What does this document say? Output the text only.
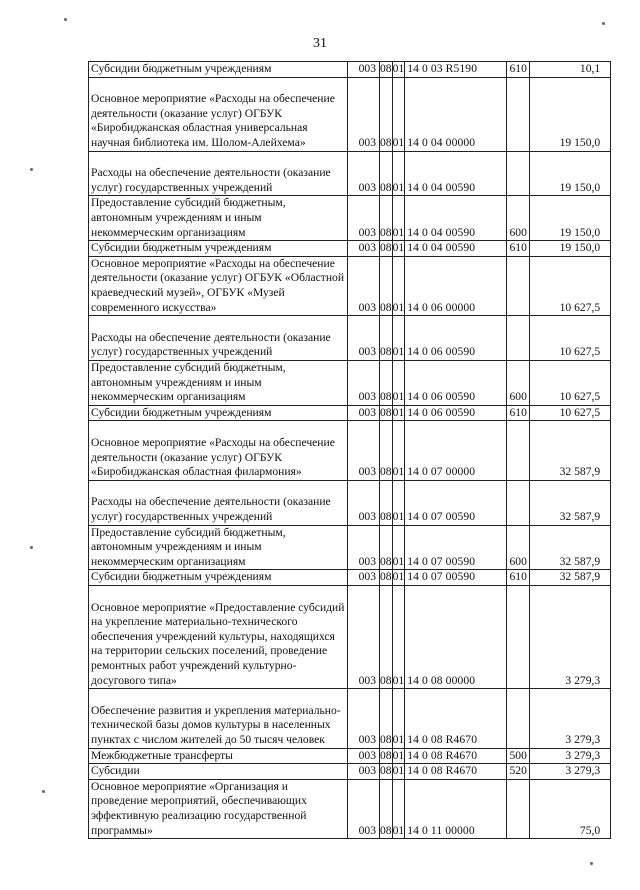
31
Субсидии бюджетным учреждениям	003	08	01	14 0 03 R5190	610	10,1
Основное мероприятие «Расходы на обеспечение деятельности (оказание услуг) ОГБУК «Биробиджанская областная универсальная научная библиотека им. Шолом-Алейхема»	003	08	01	14 0 04 00000		19 150,0
Расходы на обеспечение деятельности (оказание услуг) государственных учреждений	003	08	01	14 0 04 00590		19 150,0
Предоставление субсидий бюджетным, автономным учреждениям и иным некоммерческим организациям	003	08	01	14 0 04 00590	600	19 150,0
Субсидии бюджетным учреждениям	003	08	01	14 0 04 00590	610	19 150,0
Основное мероприятие «Расходы на обеспечение деятельности (оказание услуг) ОГБУК «Областной краеведческий музей», ОГБУК «Музей современного искусства»	003	08	01	14 0 06 00000		10 627,5
Расходы на обеспечение деятельности (оказание услуг) государственных учреждений	003	08	01	14 0 06 00590		10 627,5
Предоставление субсидий бюджетным, автономным учреждениям и иным некоммерческим организациям	003	08	01	14 0 06 00590	600	10 627,5
Субсидии бюджетным учреждениям	003	08	01	14 0 06 00590	610	10 627,5
Основное мероприятие «Расходы на обеспечение деятельности (оказание услуг) ОГБУК «Биробиджанская областная филармония»	003	08	01	14 0 07 00000		32 587,9
Расходы на обеспечение деятельности (оказание услуг) государственных учреждений	003	08	01	14 0 07 00590		32 587,9
Предоставление субсидий бюджетным, автономным учреждениям и иным некоммерческим организациям	003	08	01	14 0 07 00590	600	32 587,9
Субсидии бюджетным учреждениям	003	08	01	14 0 07 00590	610	32 587,9
Основное мероприятие «Предоставление субсидий на укрепление материально-технического обеспечения учреждений культуры, находящихся на территории сельских поселений, проведение ремонтных работ учреждений культурно-досугового типа»	003	08	01	14 0 08 00000		3 279,3
Обеспечение развития и укрепления материально-технической базы домов культуры в населенных пунктах с числом жителей до 50 тысяч человек	003	08	01	14 0 08 R4670		3 279,3
Межбюджетные трансферты	003	08	01	14 0 08 R4670	500	3 279,3
Субсидии	003	08	01	14 0 08 R4670	520	3 279,3
Основное мероприятие «Организация и проведение мероприятий, обеспечивающих эффективную реализацию государственной программы»	003	08	01	14 0 11 00000		75,0
